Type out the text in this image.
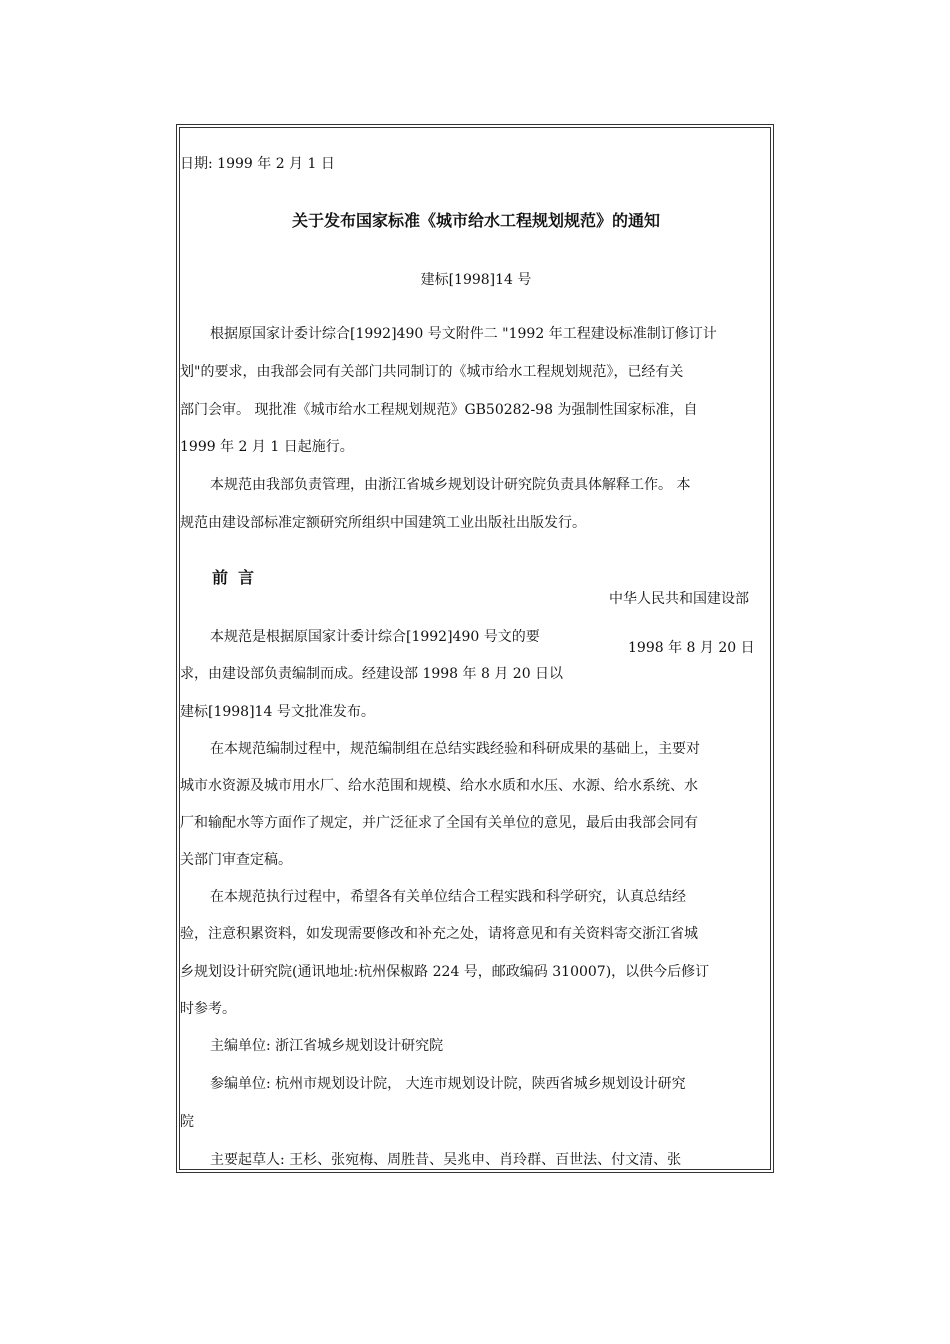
日期: 1999 年 2 月 1 日
关于发布国家标准《城市给水工程规划规范》的通知
建标[1998]14 号
根据原国家计委计综合[1992]490 号文附件二 "1992 年工程建设标准制订修订计
划"的要求，由我部会同有关部门共同制订的《城市给水工程规划规范》，已经有关
部门会审。 现批准《城市给水工程规划规范》GB50282-98 为强制性国家标准，自
1999 年 2 月 1 日起施行。
本规范由我部负责管理，由浙江省城乡规划设计研究院负责具体解释工作。 本
规范由建设部标准定额研究所组织中国建筑工业出版社出版发行。
前言
中华人民共和国建设部
1998 年 8 月 20 日
本规范是根据原国家计委计综合[1992]490 号文的要
求，由建设部负责编制而成。经建设部 1998 年 8 月 20 日以
建标[1998]14 号文批准发布。
在本规范编制过程中，规范编制组在总结实践经验和科研成果的基础上，主要对
城市水资源及城市用水厂、给水范围和规模、给水水质和水压、水源、给水系统、水
厂和输配水等方面作了规定，并广泛征求了全国有关单位的意见，最后由我部会同有
关部门审查定稿。
在本规范执行过程中，希望各有关单位结合工程实践和科学研究，认真总结经
验，注意积累资料，如发现需要修改和补充之处，请将意见和有关资料寄交浙江省城
乡规划设计研究院(通讯地址:杭州保椒路 224 号，邮政编码 310007)，以供今后修订
时参考。
主编单位: 浙江省城乡规划设计研究院
参编单位: 杭州市规划设计院， 大连市规划设计院，陕西省城乡规划设计研究
院
主要起草人: 王杉、张宛梅、周胜昔、吴兆申、肖玲群、百世法、付文清、张
